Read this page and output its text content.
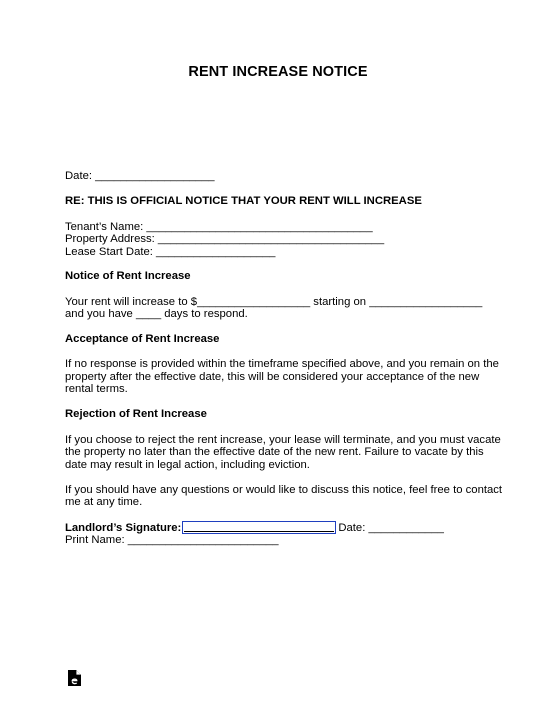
RENT INCREASE NOTICE
Date: ___________________
RE: THIS IS OFFICIAL NOTICE THAT YOUR RENT WILL INCREASE
Tenant’s Name: ____________________________________
Property Address: ____________________________________
Lease Start Date: ___________________
Notice of Rent Increase
Your rent will increase to $__________________ starting on __________________
and you have ____ days to respond.
Acceptance of Rent Increase
If no response is provided within the timeframe specified above, and you remain on the
property after the effective date, this will be considered your acceptance of the new
rental terms.
Rejection of Rent Increase
If you choose to reject the rent increase, your lease will terminate, and you must vacate
the property no later than the effective date of the new rent. Failure to vacate by this
date may result in legal action, including eviction.
If you should have any questions or would like to discuss this notice, feel free to contact
me at any time.
Landlord’s Signature:	Date: ____________
Print Name: ________________________
